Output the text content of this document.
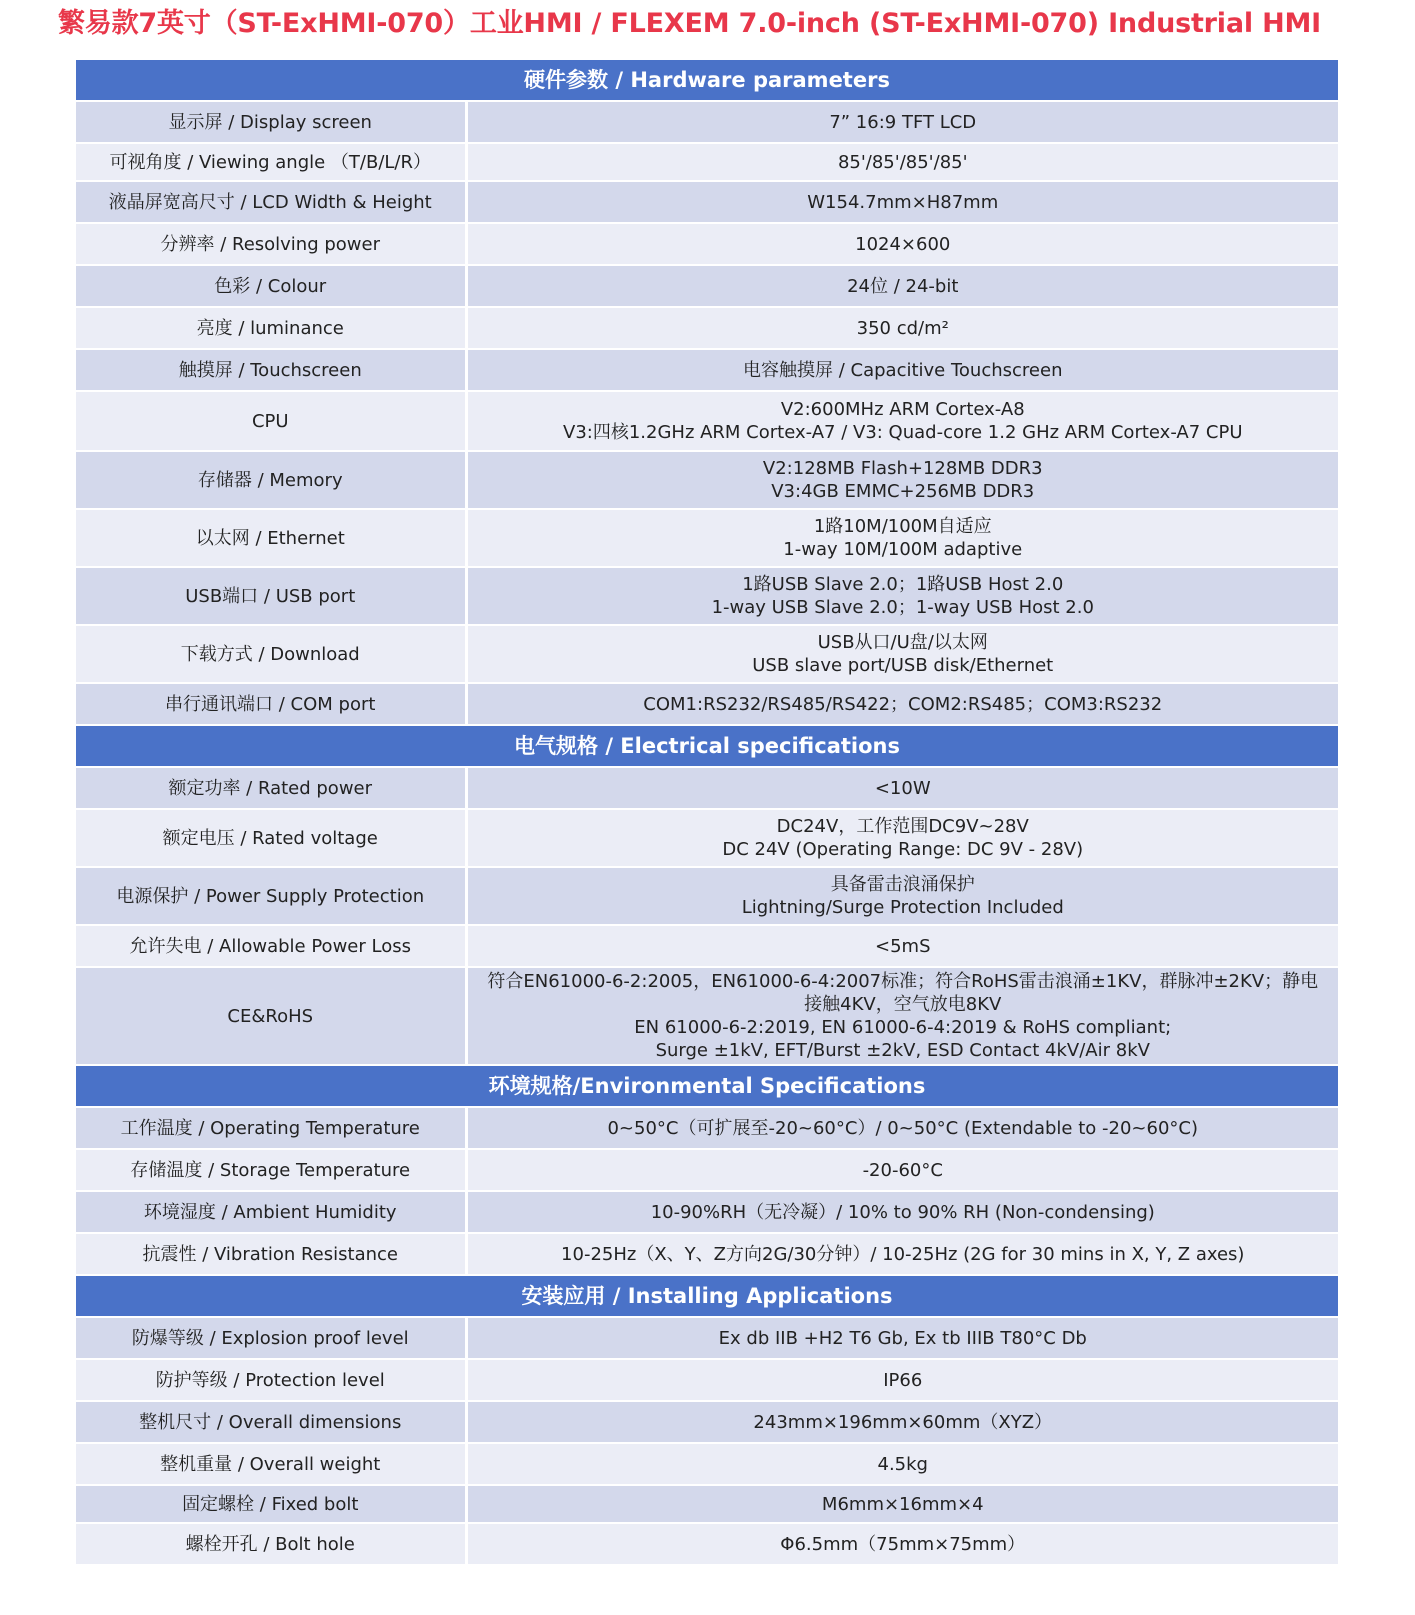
繁易款7英寸（ST-ExHMI-070）工业HMI / FLEXEM 7.0-inch (ST-ExHMI-070) Industrial HMI
硬件参数 / Hardware parameters	
显示屏 / Display screen	7” 16:9 TFT LCD

可视角度 / Viewing angle （T/B/L/R）	85'/85'/85'/85'

液晶屏宽高尺寸 / LCD Width & Height	W154.7mm×H87mm

分辨率 / Resolving power	1024×600

色彩 / Colour	24位 / 24-bit

亮度 / luminance	350 cd/m²

触摸屏 / Touchscreen	电容触摸屏 / Capacitive Touchscreen

CPU	V2:600MHz ARM Cortex-A8
V3:四核1.2GHz ARM Cortex-A7 / V3: Quad-core 1.2 GHz ARM Cortex-A7 CPU

存储器 / Memory	V2:128MB Flash+128MB DDR3
V3:4GB EMMC+256MB DDR3

以太网 / Ethernet	1路10M/100M自适应
1-way 10M/100M adaptive

USB端口 / USB port	1路USB Slave 2.0；1路USB Host 2.0
1-way USB Slave 2.0；1-way USB Host 2.0

下载方式 / Download	USB从口/U盘/以太网
USB slave port/USB disk/Ethernet

串行通讯端口 / COM port	COM1:RS232/RS485/RS422；COM2:RS485；COM3:RS232

电气规格 / Electrical specifications	
额定功率 / Rated power	<10W

额定电压 / Rated voltage	DC24V，工作范围DC9V~28V
DC 24V (Operating Range: DC 9V - 28V)

电源保护 / Power Supply Protection	具备雷击浪涌保护
Lightning/Surge Protection Included

允许失电 / Allowable Power Loss	<5mS

CE&RoHS	符合EN61000-6-2:2005，EN61000-6-4:2007标准；符合RoHS雷击浪涌±1KV，群脉冲±2KV；静电
接触4KV，空气放电8KV
EN 61000-6-2:2019, EN 61000-6-4:2019 & RoHS compliant;
Surge ±1kV, EFT/Burst ±2kV, ESD Contact 4kV/Air 8kV

环境规格/Environmental Specifications	
工作温度 / Operating Temperature	0~50°C（可扩展至-20~60°C）/ 0~50°C (Extendable to -20~60°C)

存储温度 / Storage Temperature	-20-60°C

环境湿度 / Ambient Humidity	10-90%RH（无冷凝）/ 10% to 90% RH (Non-condensing)

抗震性 / Vibration Resistance	10-25Hz（X、Y、Z方向2G/30分钟）/ 10-25Hz (2G for 30 mins in X, Y, Z axes)

安装应用 / Installing Applications	
防爆等级 / Explosion proof level	Ex db IIB +H2 T6 Gb, Ex tb IIIB T80°C Db

防护等级 / Protection level	IP66

整机尺寸 / Overall dimensions	243mm×196mm×60mm（XYZ）

整机重量 / Overall weight	4.5kg

固定螺栓 / Fixed bolt	M6mm×16mm×4

螺栓开孔 / Bolt hole	Φ6.5mm（75mm×75mm）
